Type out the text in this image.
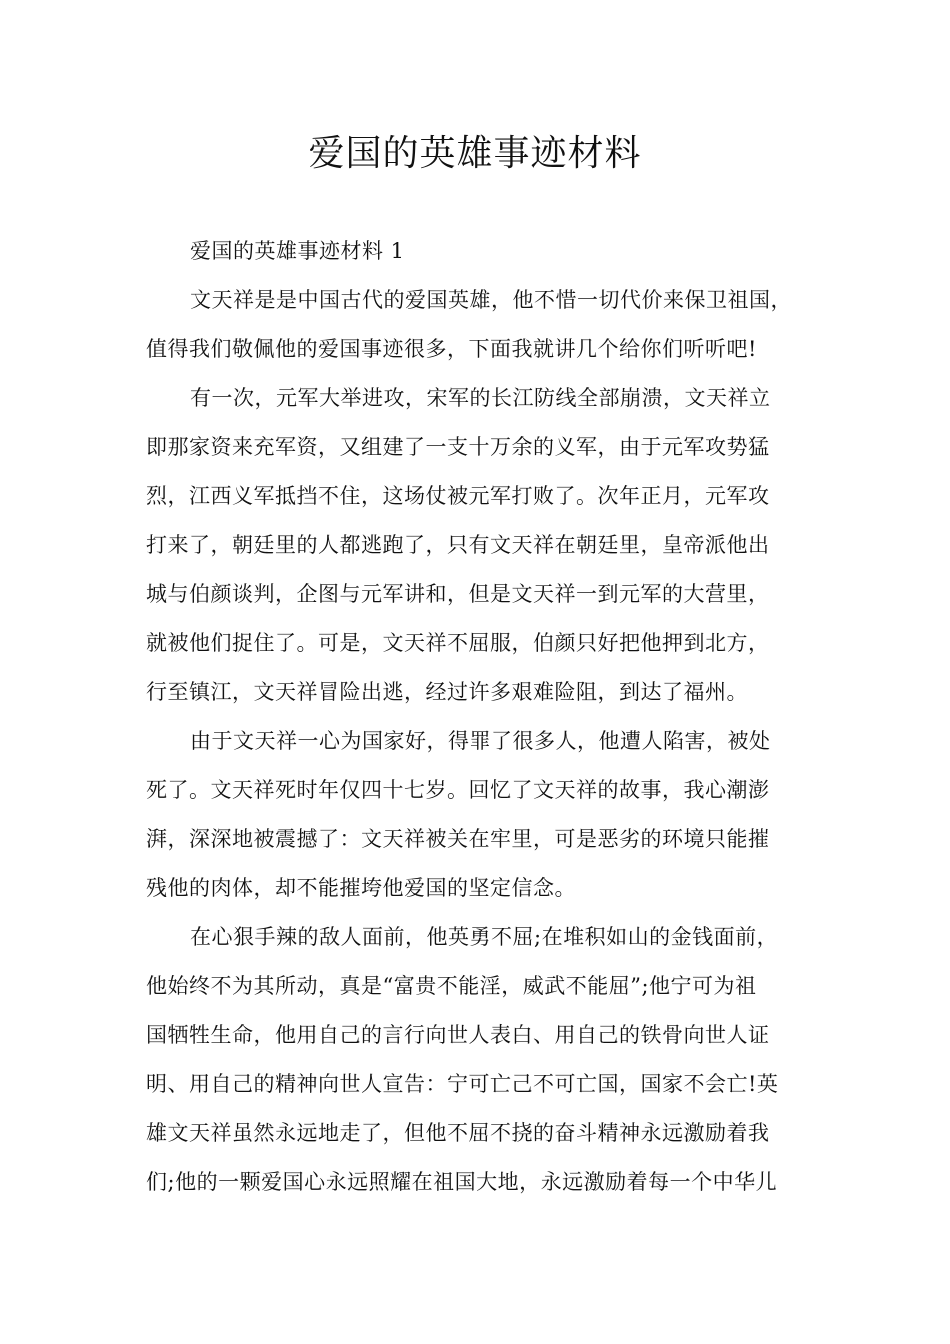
爱国的英雄事迹材料
爱国的英雄事迹材料 1
文天祥是是中国古代的爱国英雄，他不惜一切代价来保卫祖国，
值得我们敬佩他的爱国事迹很多，下面我就讲几个给你们听听吧!
有一次，元军大举进攻，宋军的长江防线全部崩溃，文天祥立
即那家资来充军资，又组建了一支十万余的义军，由于元军攻势猛
烈，江西义军抵挡不住，这场仗被元军打败了。次年正月，元军攻
打来了，朝廷里的人都逃跑了，只有文天祥在朝廷里，皇帝派他出
城与伯颜谈判，企图与元军讲和，但是文天祥一到元军的大营里，
就被他们捉住了。可是，文天祥不屈服，伯颜只好把他押到北方，
行至镇江，文天祥冒险出逃，经过许多艰难险阻，到达了福州。
由于文天祥一心为国家好，得罪了很多人，他遭人陷害，被处
死了。文天祥死时年仅四十七岁。回忆了文天祥的故事，我心潮澎
湃，深深地被震撼了：文天祥被关在牢里，可是恶劣的环境只能摧
残他的肉体，却不能摧垮他爱国的坚定信念。
在心狠手辣的敌人面前，他英勇不屈;在堆积如山的金钱面前，
他始终不为其所动，真是“富贵不能淫，威武不能屈”;他宁可为祖
国牺牲生命，他用自己的言行向世人表白、用自己的铁骨向世人证
明、用自己的精神向世人宣告：宁可亡己不可亡国，国家不会亡!英
雄文天祥虽然永远地走了，但他不屈不挠的奋斗精神永远激励着我
们;他的一颗爱国心永远照耀在祖国大地，永远激励着每一个中华儿
